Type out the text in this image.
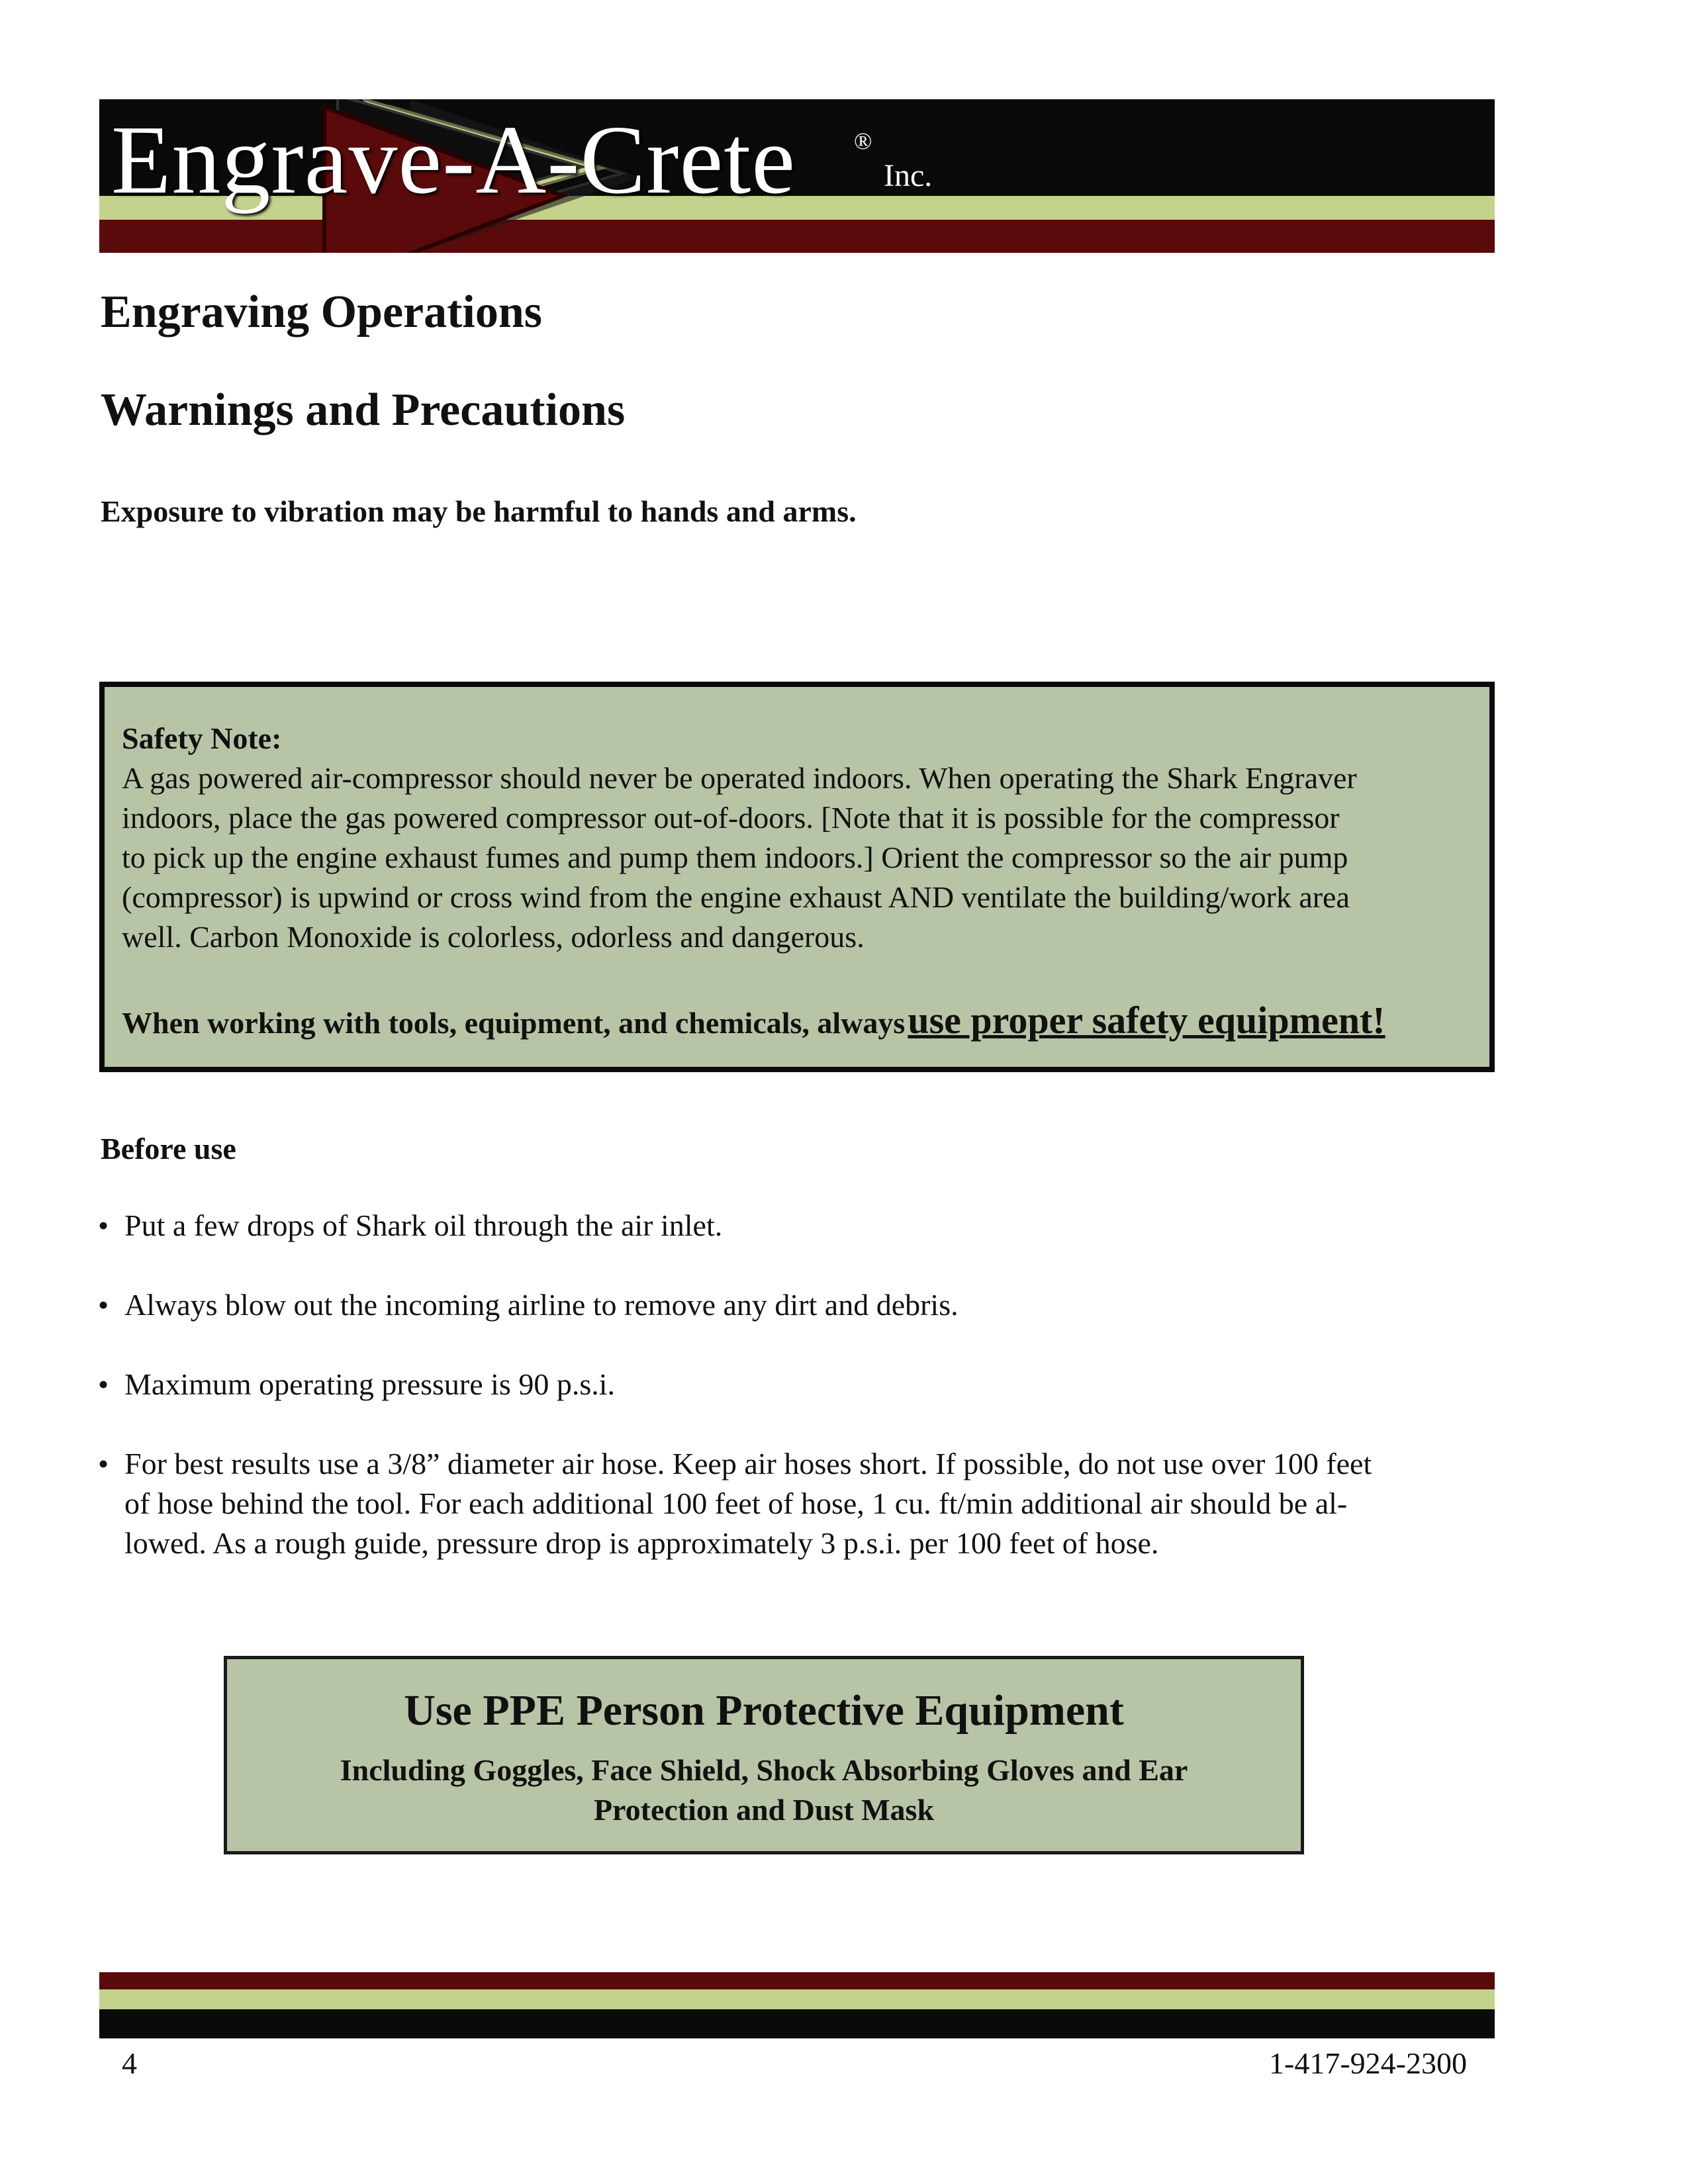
Engrave-A-Crete ®
Inc.
Engraving Operations
Warnings and Precautions
Exposure to vibration may be harmful to hands and arms.
Safety Note:

A gas powered air-compressor should never be operated indoors. When operating the Shark Engraver

indoors, place the gas powered compressor out-of-doors. [Note that it is possible for the compressor

to pick up the engine exhaust fumes and pump them indoors.] Orient the compressor so the air pump

(compressor) is upwind or cross wind from the engine exhaust AND ventilate the building/work area

well. Carbon Monoxide is colorless, odorless and dangerous.

When working with tools, equipment, and chemicals, always use proper safety equipment!
Before use
• Put a few drops of Shark oil through the air inlet.
• Always blow out the incoming airline to remove any dirt and debris.
• Maximum operating pressure is 90 p.s.i.
• For best results use a 3/8” diameter air hose. Keep air hoses short. If possible, do not use over 100 feet
of hose behind the tool. For each additional 100 feet of hose, 1 cu. ft/min additional air should be al-
lowed. As a rough guide, pressure drop is approximately 3 p.s.i. per 100 feet of hose.
Use PPE Person Protective Equipment
Including Goggles, Face Shield, Shock Absorbing Gloves and Ear
Protection and Dust Mask
4	1-417-924-2300
